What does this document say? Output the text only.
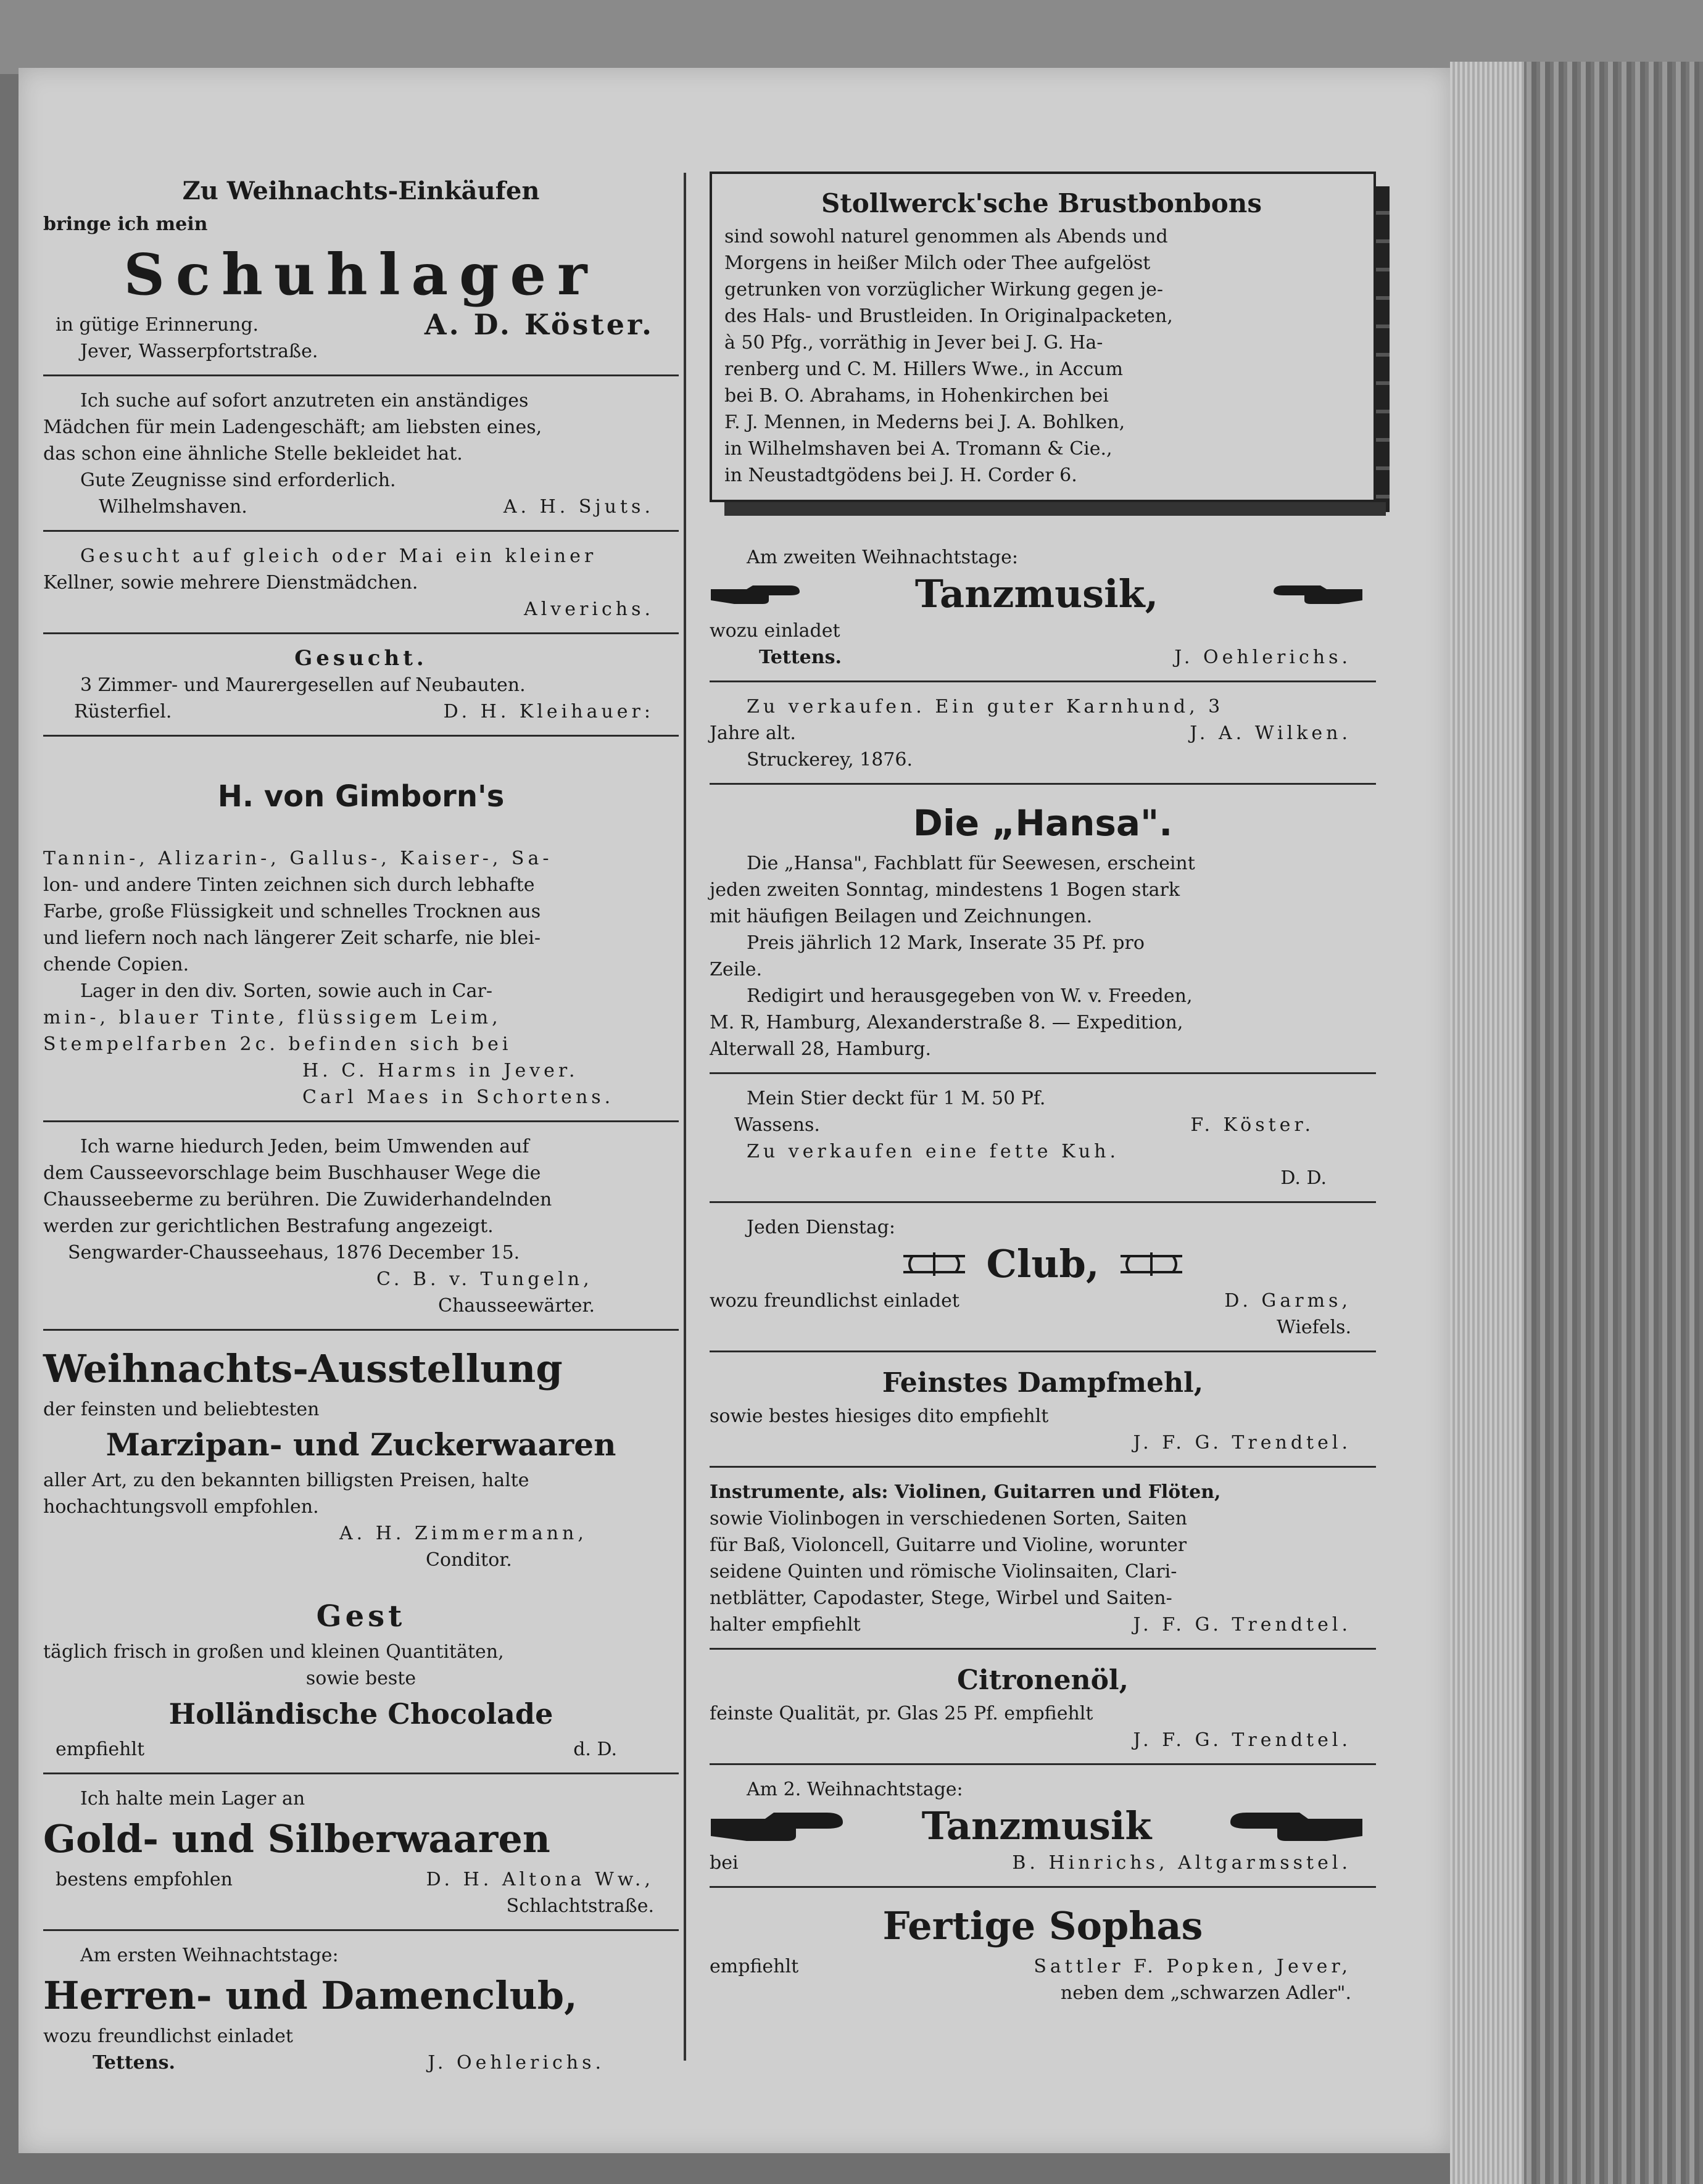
Zu Weihnachts-Einkäufen

bringe ich mein

Schuhlager

in gütige Erinnerung.	A. D. Köster.

Jever, Wasserpfortstraße.

Ich suche auf sofort anzutreten ein anständiges

Mädchen für mein Ladengeschäft; am liebsten eines,

das schon eine ähnliche Stelle bekleidet hat.

Gute Zeugnisse sind erforderlich.

Wilhelmshaven.	A. H. Sjuts.

Gesucht auf gleich oder Mai ein kleiner

Kellner, sowie mehrere Dienstmädchen.

Alverichs.

Gesucht.

3 Zimmer- und Maurergesellen auf Neubauten.

Rüsterfiel.	D. H. Kleihauer:

H. von Gimborn's

Tannin-, Alizarin-, Gallus-, Kaiser-, Sa-

lon- und andere Tinten zeichnen sich durch lebhafte

Farbe, große Flüssigkeit und schnelles Trocknen aus

und liefern noch nach längerer Zeit scharfe, nie blei-

chende Copien.

Lager in den div. Sorten, sowie auch in Car-

min-, blauer Tinte, flüssigem Leim,

Stempelfarben 2c. befinden sich bei

H. C. Harms in Jever.

Carl Maes in Schortens.

Ich warne hiedurch Jeden, beim Umwenden auf

dem Causseevorschlage beim Buschhauser Wege die

Chausseeberme zu berühren. Die Zuwiderhandelnden

werden zur gerichtlichen Bestrafung angezeigt.

Sengwarder-Chausseehaus, 1876 December 15.

C. B. v. Tungeln,

Chausseewärter.

Weihnachts-Ausstellung

der feinsten und beliebtesten

Marzipan- und Zuckerwaaren

aller Art, zu den bekannten billigsten Preisen, halte

hochachtungsvoll empfohlen.

A. H. Zimmermann,

Conditor.

Gest

täglich frisch in großen und kleinen Quantitäten,

sowie beste

Holländische Chocolade

empfiehlt	d. D.

Ich halte mein Lager an

Gold- und Silberwaaren

bestens empfohlen	D. H. Altona Ww.,

Schlachtstraße.

Am ersten Weihnachtstage:

Herren- und Damenclub,

wozu freundlichst einladet

Tettens.	J. Oehlerichs.

Stollwerck'sche Brustbonbons

sind sowohl naturel genommen als Abends und

Morgens in heißer Milch oder Thee aufgelöst

getrunken von vorzüglicher Wirkung gegen je-

des Hals- und Brustleiden. In Originalpacketen,

à 50 Pfg., vorräthig in Jever bei J. G. Ha-

renberg und C. M. Hillers Wwe., in Accum

bei B. O. Abrahams, in Hohenkirchen bei

F. J. Mennen, in Mederns bei J. A. Bohlken,

in Wilhelmshaven bei A. Tromann & Cie.,

in Neustadtgödens bei J. H. Corder 6.

Am zweiten Weihnachtstage:

Tanzmusik,

wozu einladet

Tettens.	J. Oehlerichs.

Zu verkaufen. Ein guter Karnhund, 3

Jahre alt.	J. A. Wilken.

Struckerey, 1876.

Die „Hansa".

Die „Hansa", Fachblatt für Seewesen, erscheint

jeden zweiten Sonntag, mindestens 1 Bogen stark

mit häufigen Beilagen und Zeichnungen.

Preis jährlich 12 Mark, Inserate 35 Pf. pro

Zeile.

Redigirt und herausgegeben von W. v. Freeden,

M. R, Hamburg, Alexanderstraße 8. — Expedition,

Alterwall 28, Hamburg.

Mein Stier deckt für 1 M. 50 Pf.

Wassens.	F. Köster.

Zu verkaufen eine fette Kuh.

D. D.

Jeden Dienstag:

Club,
wozu freundlichst einladet	D. Garms,

Wiefels.

Feinstes Dampfmehl,

sowie bestes hiesiges dito empfiehlt

J. F. G. Trendtel.

Instrumente, als: Violinen, Guitarren und Flöten,

sowie Violinbogen in verschiedenen Sorten, Saiten

für Baß, Violoncell, Guitarre und Violine, worunter

seidene Quinten und römische Violinsaiten, Clari-

netblätter, Capodaster, Stege, Wirbel und Saiten-

halter empfiehlt	J. F. G. Trendtel.

Citronenöl,

feinste Qualität, pr. Glas 25 Pf. empfiehlt

J. F. G. Trendtel.

Am 2. Weihnachtstage:

Tanzmusik
bei	B. Hinrichs, Altgarmsstel.

Fertige Sophas

empfiehlt	Sattler F. Popken, Jever,

neben dem „schwarzen Adler".
